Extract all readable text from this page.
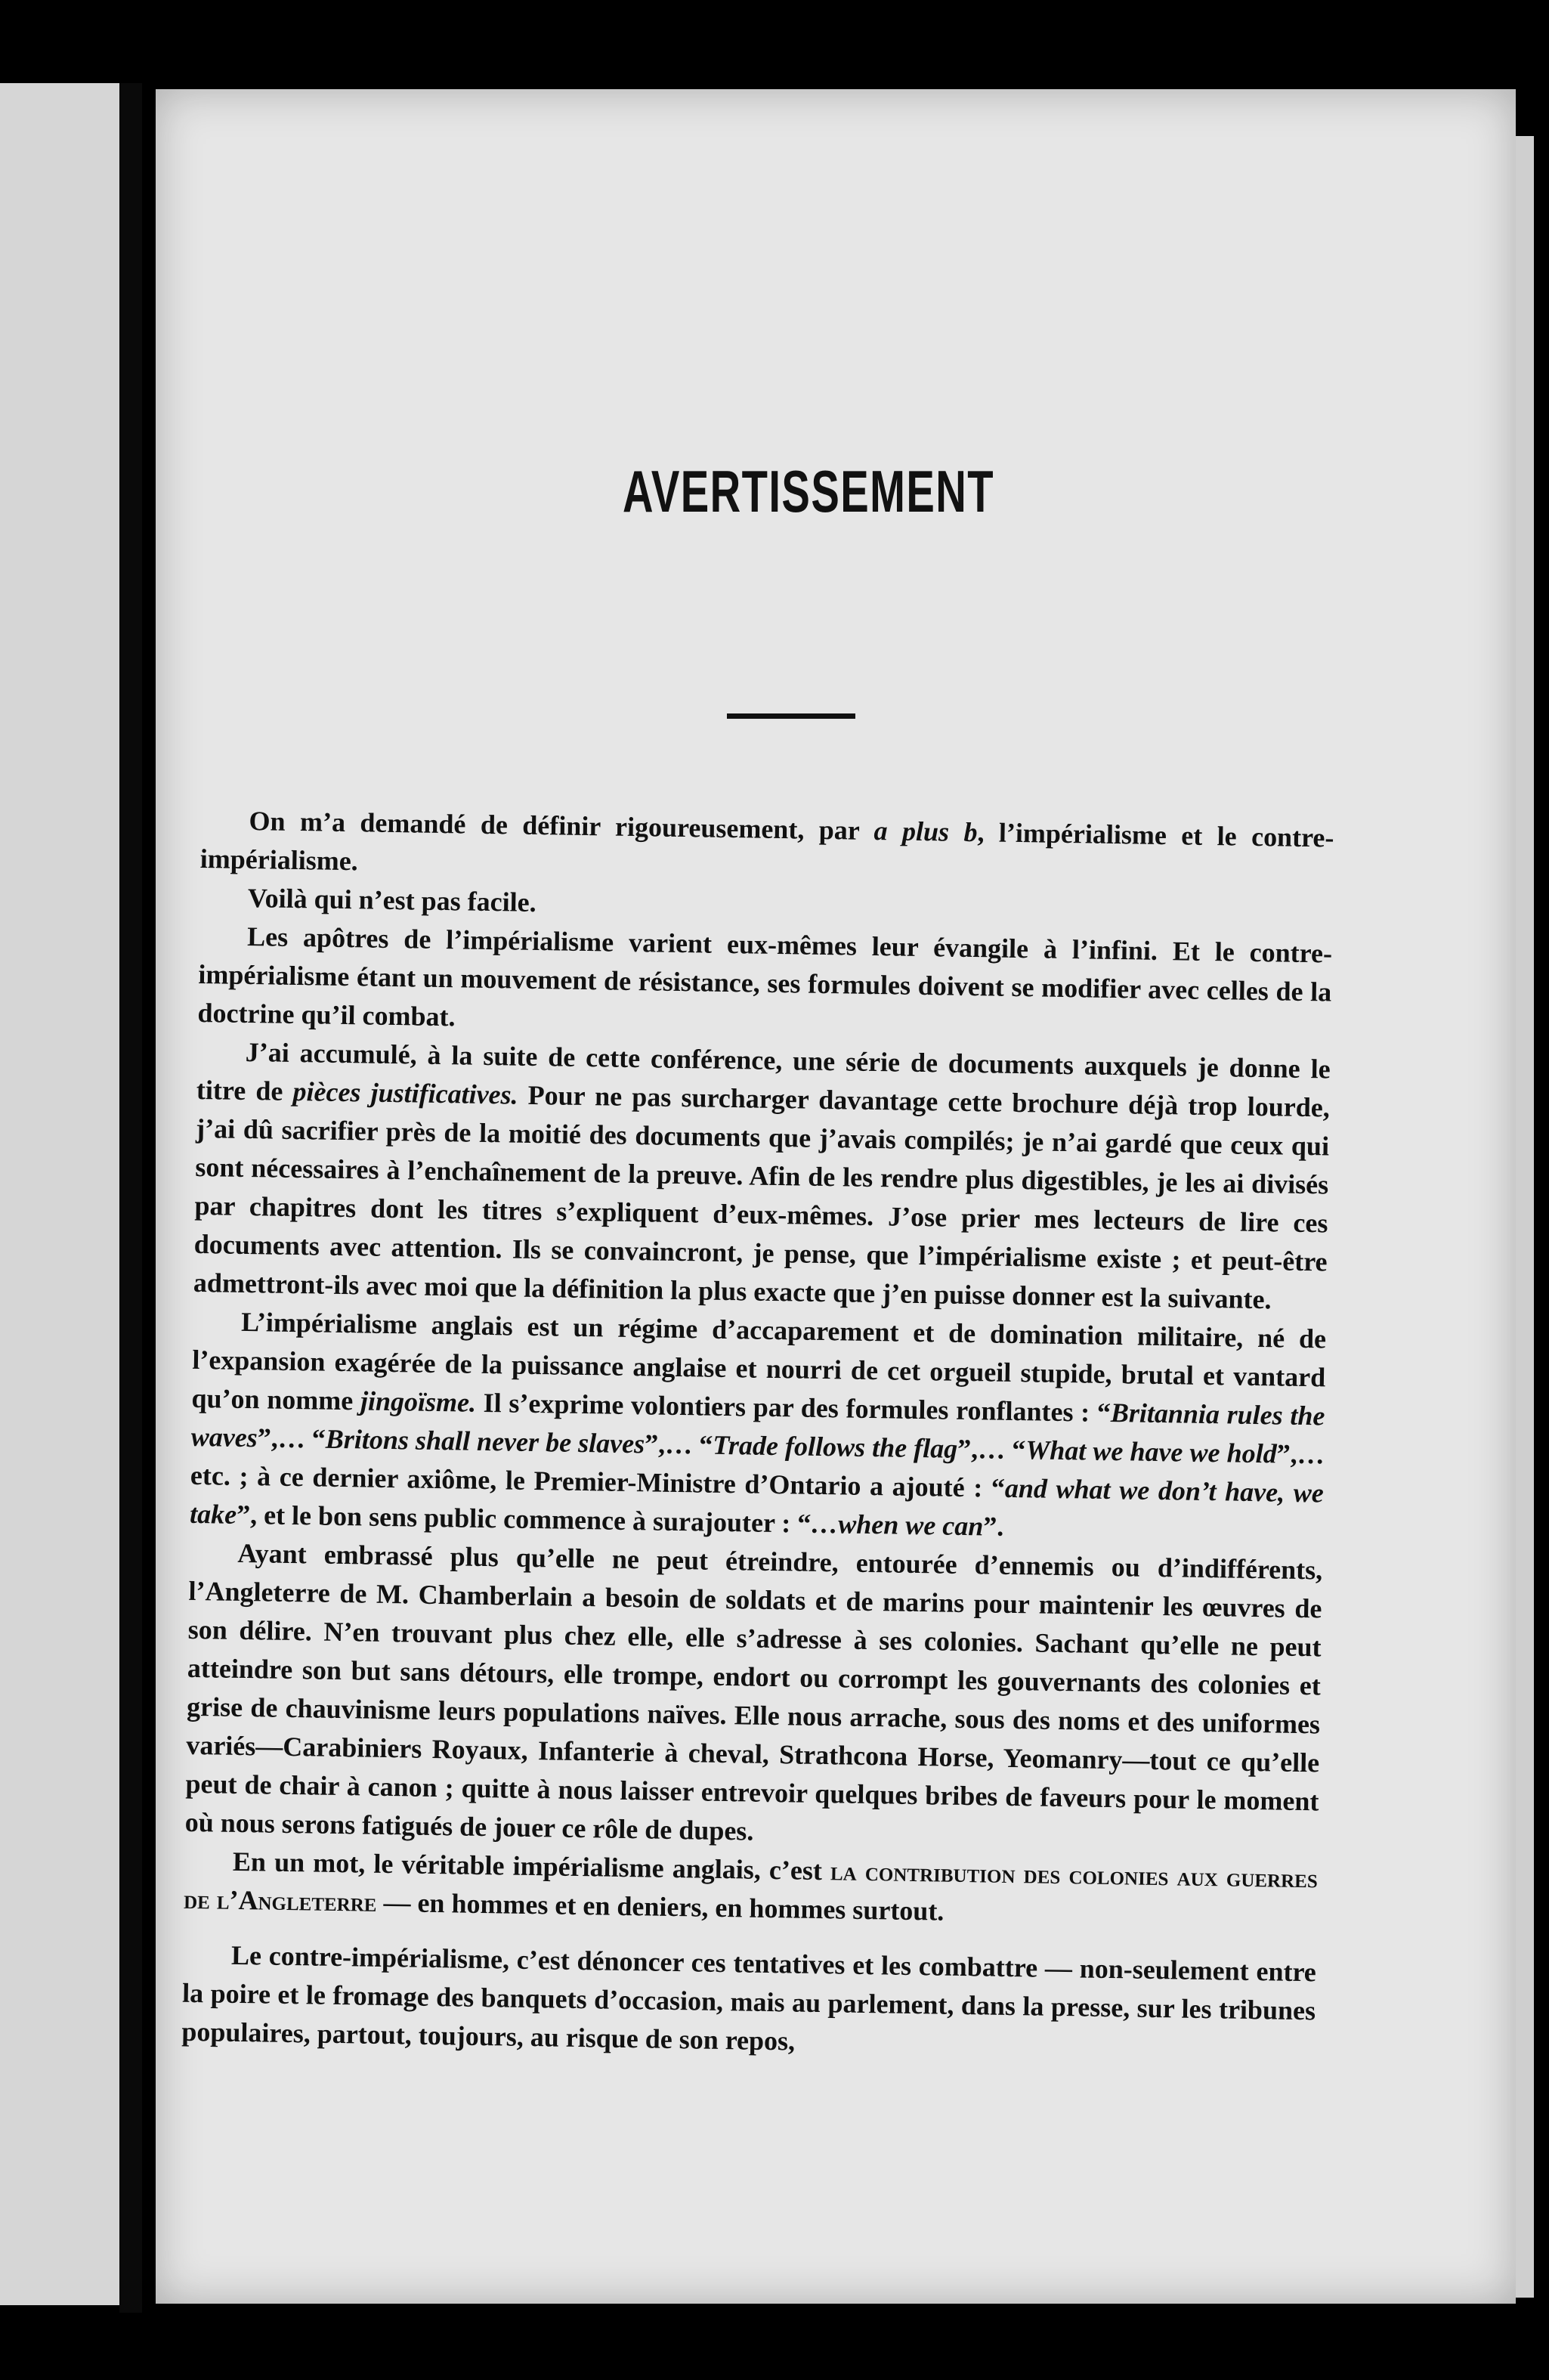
AVERTISSEMENT

On m’a demandé de définir rigoureusement, par a plus b, l’impérialisme et le contre-impérialisme.

Voilà qui n’est pas facile.

Les apôtres de l’impérialisme varient eux-mêmes leur évangile à l’infini. Et le contre-impérialisme étant un mouvement de résistance, ses formules doivent se modifier avec celles de la doctrine qu’il combat.

J’ai accumulé, à la suite de cette conférence, une série de documents auxquels je donne le titre de pièces justificatives. Pour ne pas surcharger davantage cette brochure déjà trop lourde, j’ai dû sacrifier près de la moitié des documents que j’avais compilés; je n’ai gardé que ceux qui sont nécessaires à l’enchaînement de la preuve. Afin de les rendre plus digestibles, je les ai divisés par chapitres dont les titres s’expliquent d’eux-mêmes. J’ose prier mes lecteurs de lire ces documents avec attention. Ils se convaincront, je pense, que l’impérialisme existe ; et peut-être admettront-ils avec moi que la définition la plus exacte que j’en puisse donner est la suivante.

L’impérialisme anglais est un régime d’accaparement et de domination militaire, né de l’expansion exagérée de la puissance anglaise et nourri de cet orgueil stupide, brutal et vantard qu’on nomme jingoïsme. Il s’exprime volontiers par des formules ronflantes : “Britannia rules the waves”,… “Britons shall never be slaves”,… “Trade follows the flag”,… “What we have we hold”,…etc. ; à ce dernier axiôme, le Premier-Ministre d’Ontario a ajouté : “and what we don’t have, we take”, et le bon sens public commence à surajouter : “…when we can”.

Ayant embrassé plus qu’elle ne peut étreindre, entourée d’ennemis ou d’indifférents, l’Angleterre de M. Chamberlain a besoin de soldats et de marins pour maintenir les œuvres de son délire. N’en trouvant plus chez elle, elle s’adresse à ses colonies. Sachant qu’elle ne peut atteindre son but sans détours, elle trompe, endort ou corrompt les gouvernants des colonies et grise de chauvinisme leurs populations naïves. Elle nous arrache, sous des noms et des uniformes variés—Carabiniers Royaux, Infanterie à cheval, Strathcona Horse, Yeomanry—tout ce qu’elle peut de chair à canon ; quitte à nous laisser entrevoir quelques bribes de faveurs pour le moment où nous serons fatigués de jouer ce rôle de dupes.

En un mot, le véritable impérialisme anglais, c’est la contribution des colonies aux guerres de l’Angleterre — en hommes et en deniers, en hommes surtout.

Le contre-impérialisme, c’est dénoncer ces tentatives et les combattre — non-seulement entre la poire et le fromage des banquets d’occasion, mais au parlement, dans la presse, sur les tribunes populaires, partout, toujours, au risque de son repos,
